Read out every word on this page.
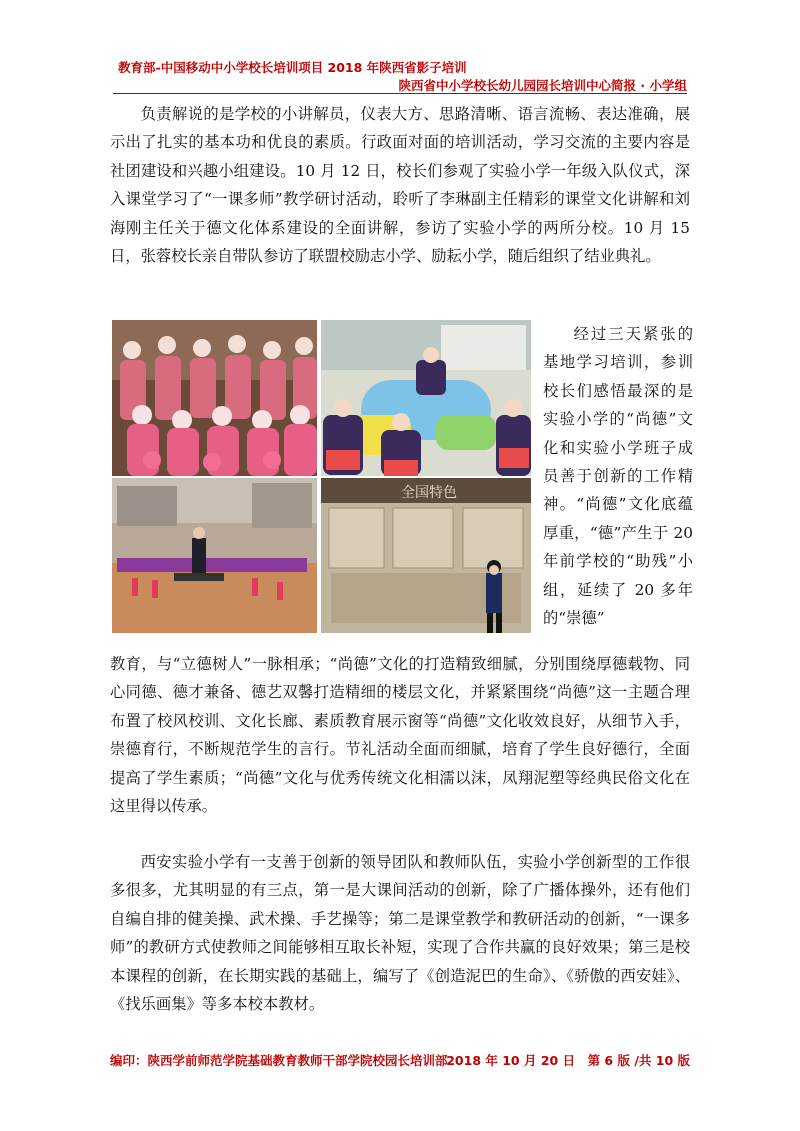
教育部-中国移动中小学校长培训项目 2018 年陕西省影子培训
陕西省中小学校长幼儿园园长培训中心简报 · 小学组

负责解说的是学校的小讲解员，仪表大方、思路清晰、语言流畅、表达准确，展示出了扎实的基本功和优良的素质。行政面对面的培训活动，学习交流的主要内容是社团建设和兴趣小组建设。10 月 12 日，校长们参观了实验小学一年级入队仪式，深入课堂学习了“一课多师”教学研讨活动，聆听了李琳副主任精彩的课堂文化讲解和刘海刚主任关于德文化体系建设的全面讲解，参访了实验小学的两所分校。10 月 15 日，张蓉校长亲自带队参访了联盟校励志小学、励耘小学，随后组织了结业典礼。

全国特色

经过三天紧张的基地学习培训，参训校长们感悟最深的是实验小学的“尚德”文化和实验小学班子成员善于创新的工作精神。“尚德”文化底蕴厚重，“德”产生于 20 年前学校的“助残”小组，延续了 20 多年的“崇德”

教育，与“立德树人”一脉相承；“尚德”文化的打造精致细腻，分别围绕厚德载物、同心同德、德才兼备、德艺双馨打造精细的楼层文化，并紧紧围绕“尚德”这一主题合理布置了校风校训、文化长廊、素质教育展示窗等“尚德”文化收效良好，从细节入手，崇德育行，不断规范学生的言行。节礼活动全面而细腻，培育了学生良好德行，全面提高了学生素质；“尚德”文化与优秀传统文化相濡以沫，凤翔泥塑等经典民俗文化在这里得以传承。

西安实验小学有一支善于创新的领导团队和教师队伍，实验小学创新型的工作很多很多，尤其明显的有三点，第一是大课间活动的创新，除了广播体操外，还有他们自编自排的健美操、武术操、手艺操等；第二是课堂教学和教研活动的创新，“一课多师”的教研方式使教师之间能够相互取长补短，实现了合作共赢的良好效果；第三是校本课程的创新，在长期实践的基础上，编写了《创造泥巴的生命》、《骄傲的西安娃》、《找乐画集》等多本校本教材。

编印：陕西学前师范学院基础教育教师干部学院校园长培训部
2018 年 10 月 20 日　第 6 版 /共 10 版
